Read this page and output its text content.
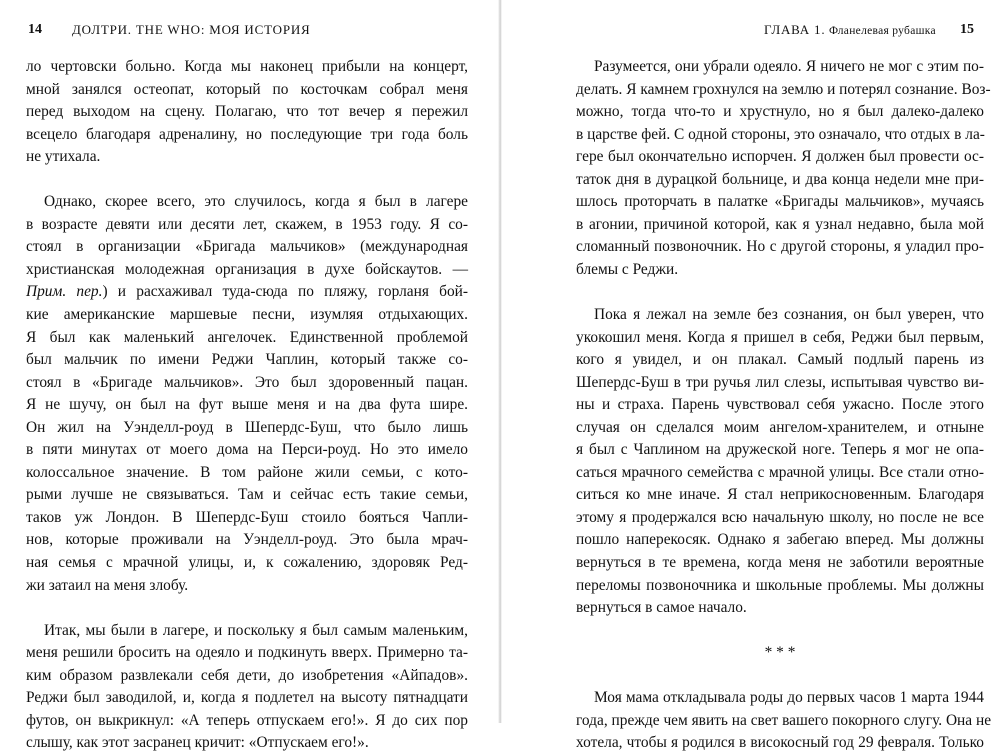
14 ДОЛТРИ. THE WHO: МОЯ ИСТОРИЯ
ло чертовски больно. Когда мы наконец прибыли на концерт,
мной занялся остеопат, который по косточкам собрал меня
перед выходом на сцену. Полагаю, что тот вечер я пережил
всецело благодаря адреналину, но последующие три года боль
не утихала.
Однако, скорее всего, это случилось, когда я был в лагере
в возрасте девяти или десяти лет, скажем, в 1953 году. Я со-
стоял в организации «Бригада мальчиков» (международная
христианская молодежная организация в духе бойскаутов. —
Прим. пер.) и расхаживал туда-сюда по пляжу, горланя бой-
кие американские маршевые песни, изумляя отдыхающих.
Я был как маленький ангелочек. Единственной проблемой
был мальчик по имени Реджи Чаплин, который также со-
стоял в «Бригаде мальчиков». Это был здоровенный пацан.
Я не шучу, он был на фут выше меня и на два фута шире.
Он жил на Уэнделл-роуд в Шепердс-Буш, что было лишь
в пяти минутах от моего дома на Перси-роуд. Но это имело
колоссальное значение. В том районе жили семьи, с кото-
рыми лучше не связываться. Там и сейчас есть такие семьи,
таков уж Лондон. В Шепердс-Буш стоило бояться Чапли-
нов, которые проживали на Уэнделл-роуд. Это была мрач-
ная семья с мрачной улицы, и, к сожалению, здоровяк Ред-
жи затаил на меня злобу.
Итак, мы были в лагере, и поскольку я был самым маленьким,
меня решили бросить на одеяло и подкинуть вверх. Примерно та-
ким образом развлекали себя дети, до изобретения «Айпадов».
Реджи был заводилой, и, когда я подлетел на высоту пятнадцати
футов, он выкрикнул: «А теперь отпускаем его!». Я до сих пор
слышу, как этот засранец кричит: «Отпускаем его!».
ГЛАВА 1. Фланелевая рубашка 15
Разумеется, они убрали одеяло. Я ничего не мог с этим по-
делать. Я камнем грохнулся на землю и потерял сознание. Воз-
можно, тогда что-то и хрустнуло, но я был далеко-далеко
в царстве фей. С одной стороны, это означало, что отдых в ла-
гере был окончательно испорчен. Я должен был провести ос-
таток дня в дурацкой больнице, и два конца недели мне при-
шлось проторчать в палатке «Бригады мальчиков», мучаясь
в агонии, причиной которой, как я узнал недавно, была мой
сломанный позвоночник. Но с другой стороны, я уладил про-
блемы с Реджи.
Пока я лежал на земле без сознания, он был уверен, что
укокошил меня. Когда я пришел в себя, Реджи был первым,
кого я увидел, и он плакал. Самый подлый парень из
Шепердс-Буш в три ручья лил слезы, испытывая чувство ви-
ны и страха. Парень чувствовал себя ужасно. После этого
случая он сделался моим ангелом-хранителем, и отныне
я был с Чаплином на дружеской ноге. Теперь я мог не опа-
саться мрачного семейства с мрачной улицы. Все стали отно-
ситься ко мне иначе. Я стал неприкосновенным. Благодаря
этому я продержался всю начальную школу, но после не все
пошло наперекосяк. Однако я забегаю вперед. Мы должны
вернуться в те времена, когда меня не заботили вероятные
переломы позвоночника и школьные проблемы. Мы должны
вернуться в самое начало.
* * *
Моя мама откладывала роды до первых часов 1 марта 1944
года, прежде чем явить на свет вашего покорного слугу. Она не
хотела, чтобы я родился в високосный год 29 февраля. Только
